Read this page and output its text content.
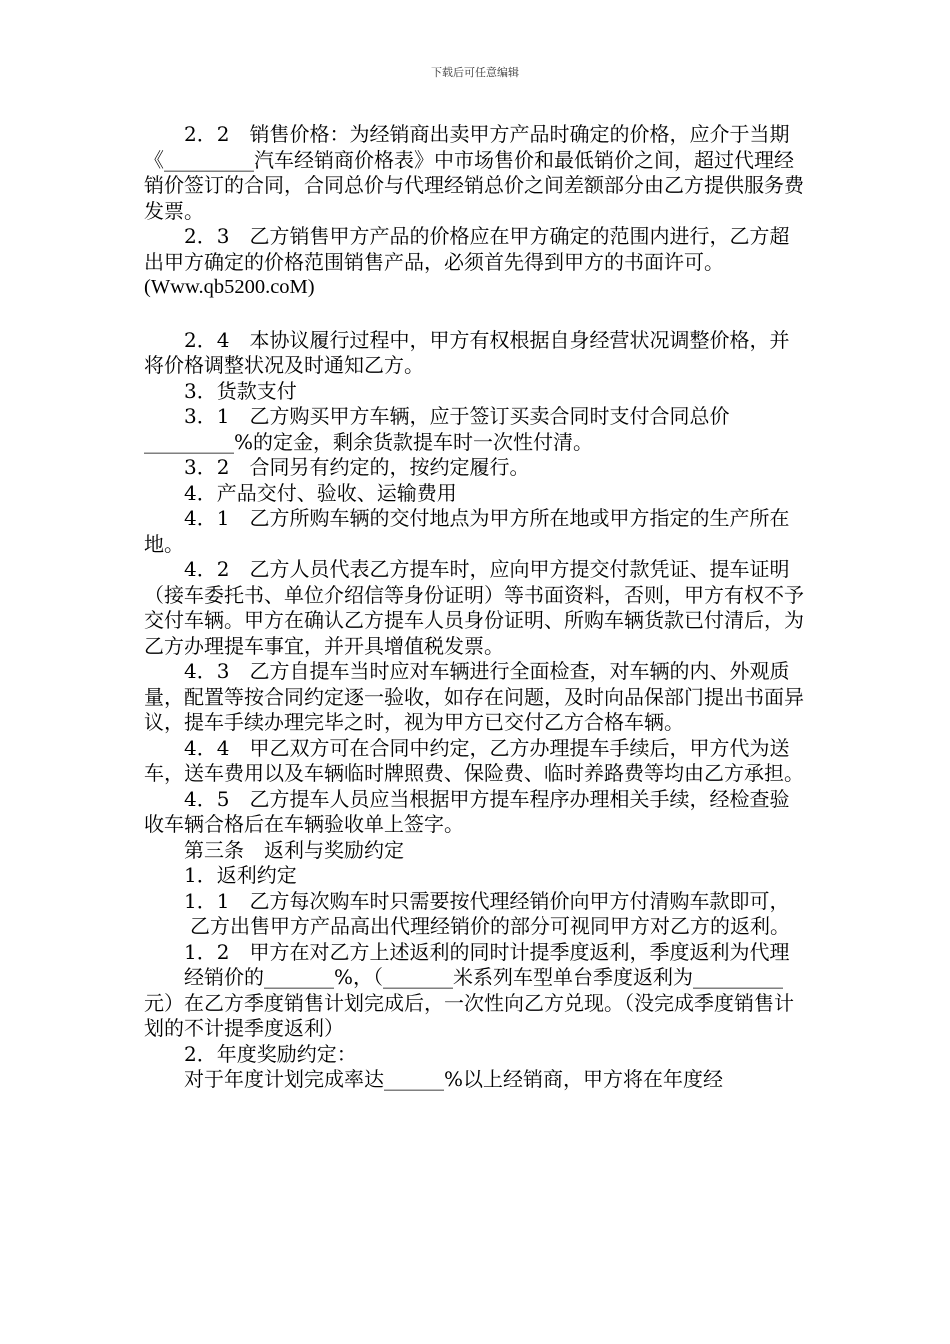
下载后可任意编辑

2．2　销售价格：为经销商出卖甲方产品时确定的价格，应介于当期《_________汽车经销商价格表》中市场售价和最低销价之间，超过代理经销价签订的合同，合同总价与代理经销总价之间差额部分由乙方提供服务费发票。

2．3　乙方销售甲方产品的价格应在甲方确定的范围内进行，乙方超出甲方确定的价格范围销售产品，必须首先得到甲方的书面许可。

(Www.qb5200.coM)

2．4　本协议履行过程中，甲方有权根据自身经营状况调整价格，并将价格调整状况及时通知乙方。

3．货款支付

3．1　乙方购买甲方车辆，应于签订买卖合同时支付合同总价_________%的定金，剩余货款提车时一次性付清。

3．2　合同另有约定的，按约定履行。

4．产品交付、验收、运输费用

4．1　乙方所购车辆的交付地点为甲方所在地或甲方指定的生产所在地。

4．2　乙方人员代表乙方提车时，应向甲方提交付款凭证、提车证明（接车委托书、单位介绍信等身份证明）等书面资料，否则，甲方有权不予交付车辆。甲方在确认乙方提车人员身份证明、所购车辆货款已付清后，为乙方办理提车事宜，并开具增值税发票。

4．3　乙方自提车当时应对车辆进行全面检查，对车辆的内、外观质量，配置等按合同约定逐一验收，如存在问题，及时向品保部门提出书面异议，提车手续办理完毕之时，视为甲方已交付乙方合格车辆。

4．4　甲乙双方可在合同中约定，乙方办理提车手续后，甲方代为送车，送车费用以及车辆临时牌照费、保险费、临时养路费等均由乙方承担。

4．5　乙方提车人员应当根据甲方提车程序办理相关手续，经检查验收车辆合格后在车辆验收单上签字。

第三条　返利与奖励约定

1．返利约定

1．1　乙方每次购车时只需要按代理经销价向甲方付清购车款即可，

乙方出售甲方产品高出代理经销价的部分可视同甲方对乙方的返利。

1．2　甲方在对乙方上述返利的同时计提季度返利，季度返利为代理

经销价的_______%，（_______米系列车型单台季度返利为_________元）在乙方季度销售计划完成后，一次性向乙方兑现。（没完成季度销售计划的不计提季度返利）

2．年度奖励约定：

对于年度计划完成率达______%以上经销商，甲方将在年度经
